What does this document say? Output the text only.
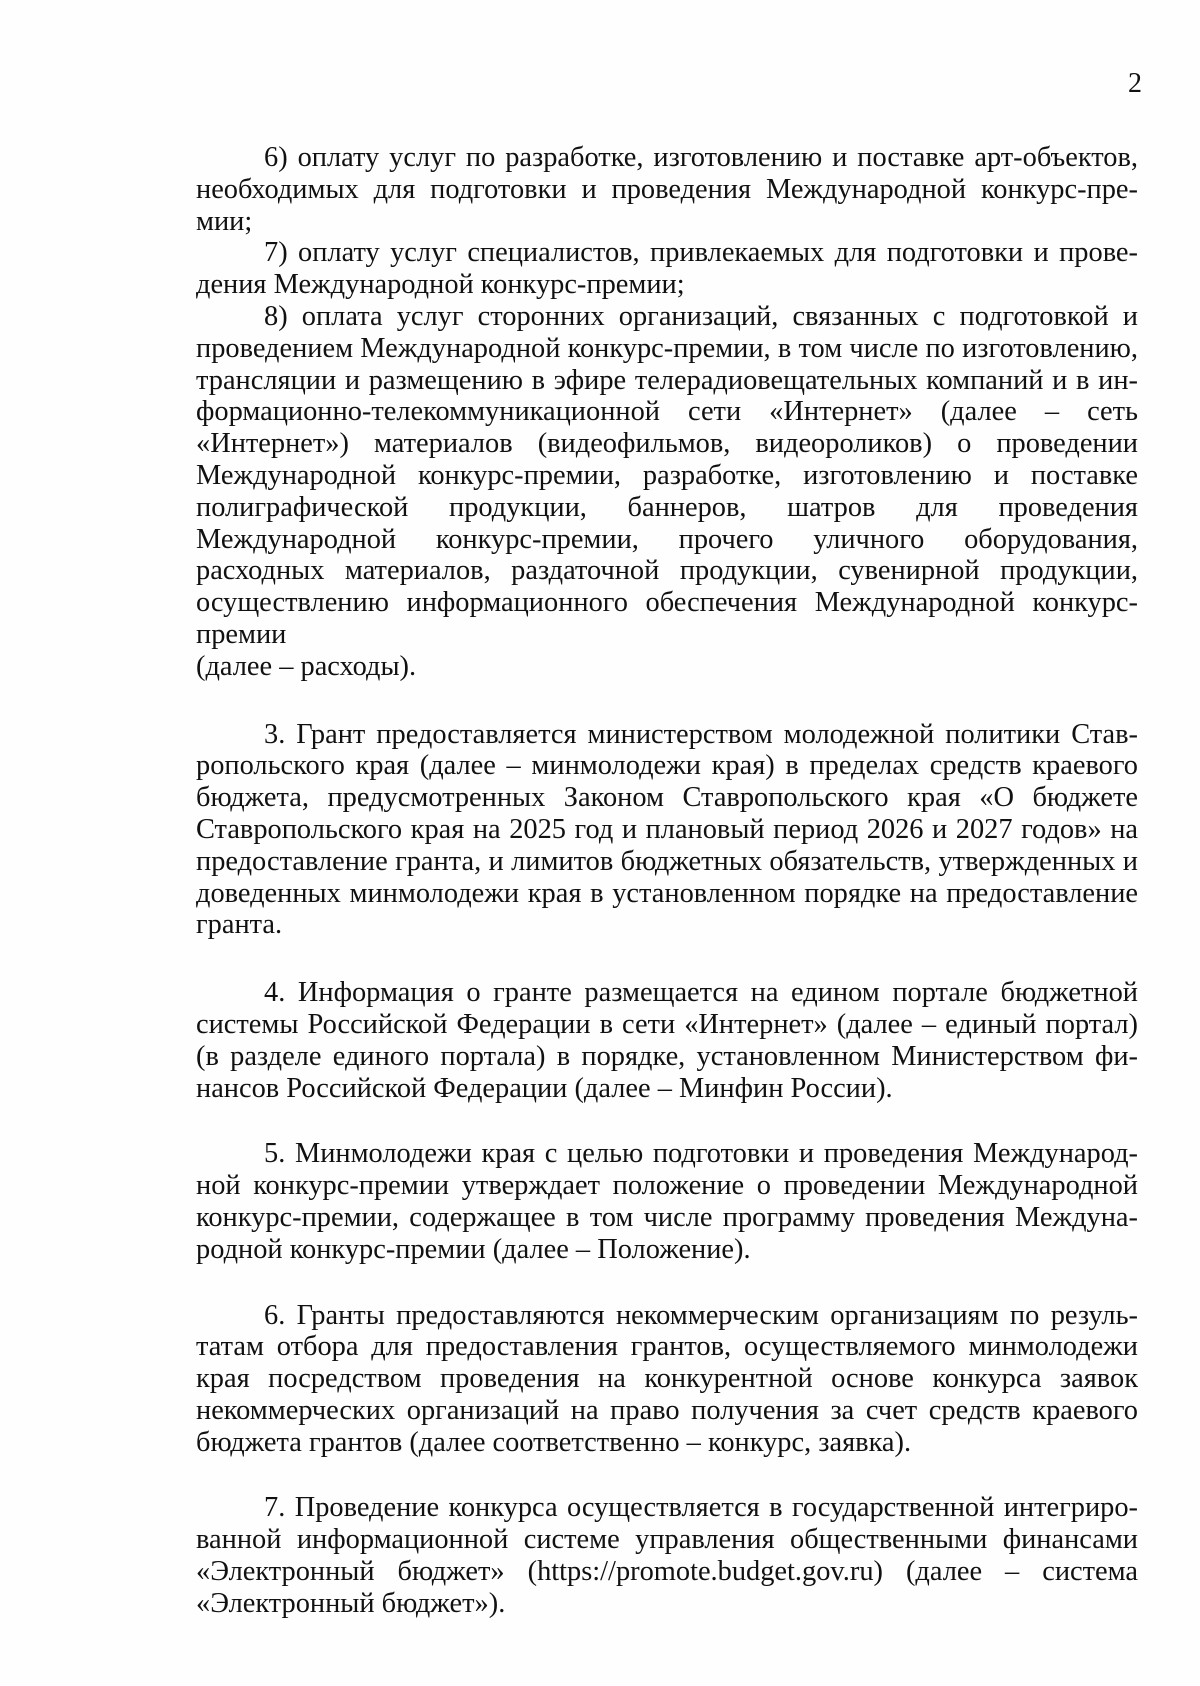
2

6) оплату услуг по разработке, изготовлению и поставке арт-объектов, необходимых для подготовки и проведения Международной конкурс-премии;

7) оплату услуг специалистов, привлекаемых для подготовки и проведения Международной конкурс-премии;

8) оплата услуг сторонних организаций, связанных с подготовкой и проведением Международной конкурс-премии, в том числе по изготовлению, трансляции и размещению в эфире телерадиовещательных компаний и в информационно-телекоммуникационной сети «Интернет» (далее – сеть «Интернет») материалов (видеофильмов, видеороликов) о проведении Международной конкурс-премии, разработке, изготовлению и поставке полиграфической продукции, баннеров, шатров для проведения Международной конкурс-премии, прочего уличного оборудования, расходных материалов, раздаточной продукции, сувенирной продукции, осуществлению информационного обеспечения Международной конкурс-премии

(далее – расходы).

3. Грант предоставляется министерством молодежной политики Ставропольского края (далее – минмолодежи края) в пределах средств краевого бюджета, предусмотренных Законом Ставропольского края «О бюджете Ставропольского края на 2025 год и плановый период 2026 и 2027 годов» на предоставление гранта, и лимитов бюджетных обязательств, утвержденных и доведенных минмолодежи края в установленном порядке на предоставление гранта.

4. Информация о гранте размещается на едином портале бюджетной системы Российской Федерации в сети «Интернет» (далее – единый портал) (в разделе единого портала) в порядке, установленном Министерством финансов Российской Федерации (далее – Минфин России).

5. Минмолодежи края с целью подготовки и проведения Международной конкурс-премии утверждает положение о проведении Международной конкурс-премии, содержащее в том числе программу проведения Международной конкурс-премии (далее – Положение).

6. Гранты предоставляются некоммерческим организациям по результатам отбора для предоставления грантов, осуществляемого минмолодежи края посредством проведения на конкурентной основе конкурса заявок некоммерческих организаций на право получения за счет средств краевого бюджета грантов (далее соответственно – конкурс, заявка).

7. Проведение конкурса осуществляется в государственной интегрированной информационной системе управления общественными финансами «Электронный бюджет» (https://promote.budget.gov.ru) (далее – система «Электронный бюджет»).
